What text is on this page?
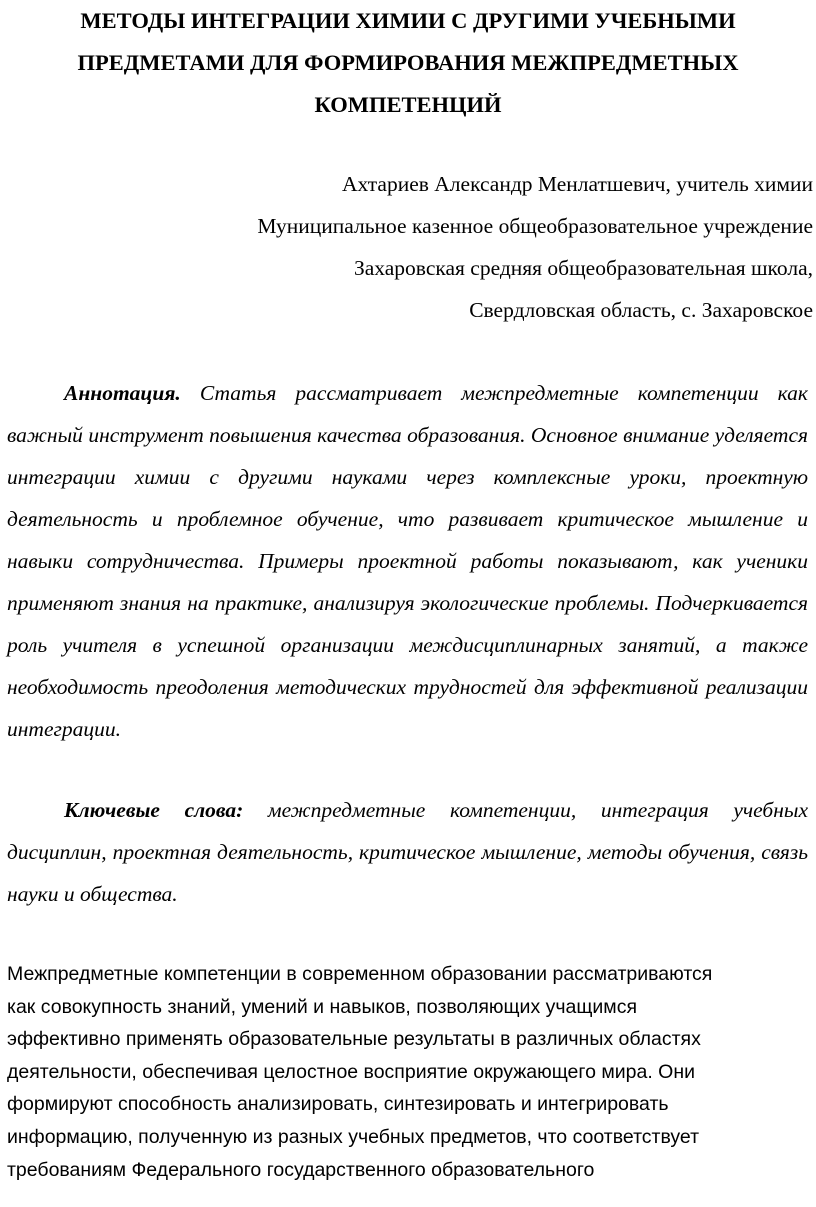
МЕТОДЫ ИНТЕГРАЦИИ ХИМИИ С ДРУГИМИ УЧЕБНЫМИ
ПРЕДМЕТАМИ ДЛЯ ФОРМИРОВАНИЯ МЕЖПРЕДМЕТНЫХ
КОМПЕТЕНЦИЙ
Ахтариев Александр Менлатшевич, учитель химии
Муниципальное казенное общеобразовательное учреждение
Захаровская средняя общеобразовательная школа,
Свердловская область, с. Захаровское

Аннотация. Статья рассматривает межпредметные компетенции как важный инструмент повышения качества образования. Основное внимание уделяется интеграции химии с другими науками через комплексные уроки, проектную деятельность и проблемное обучение, что развивает критическое мышление и навыки сотрудничества. Примеры проектной работы показывают, как ученики применяют знания на практике, анализируя экологические проблемы. Подчеркивается роль учителя в успешной организации междисциплинарных занятий, а также необходимость преодоления методических трудностей для эффективной реализации интеграции.

Ключевые слова: межпредметные компетенции, интеграция учебных дисциплин, проектная деятельность, критическое мышление, методы обучения, связь науки и общества.

Межпредметные компетенции в современном образовании рассматриваются
как совокупность знаний, умений и навыков, позволяющих учащимся
эффективно применять образовательные результаты в различных областях
деятельности, обеспечивая целостное восприятие окружающего мира. Они
формируют способность анализировать, синтезировать и интегрировать
информацию, полученную из разных учебных предметов, что соответствует
требованиям Федерального государственного образовательного
